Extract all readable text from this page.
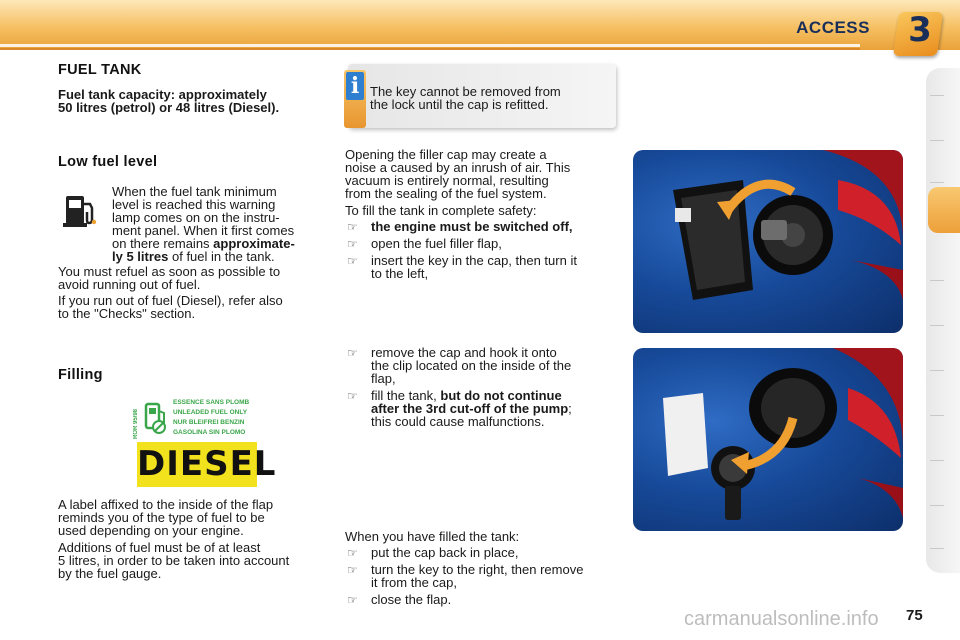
ACCESS 3
FUEL TANK
Fuel tank capacity: approximately
50 litres (petrol) or 48 litres (Diesel).
i The key cannot be removed from
the lock until the cap is refitted.
Low fuel level
When the fuel tank minimum
level is reached this warning
lamp comes on on the instru-
ment panel. When it first comes
on there remains approximate-
ly 5 litres of fuel in the tank.
You must refuel as soon as possible to
avoid running out of fuel.
If you run out of fuel (Diesel), refer also
to the "Checks" section.
Filling
ROR 95/98
ESSENCE SANS PLOMB
UNLEADED FUEL ONLY
NUR BLEIFREI BENZIN
GASOLINA SIN PLOMO
DIESEL
A label affixed to the inside of the flap
reminds you of the type of fuel to be
used depending on your engine.
Additions of fuel must be of at least
5 litres, in order to be taken into account
by the fuel gauge.
Opening the filler cap may create a
noise a caused by an inrush of air. This
vacuum is entirely normal, resulting
from the sealing of the fuel system.
To fill the tank in complete safety:
☞ the engine must be switched off,
☞ open the fuel filler flap,
☞ insert the key in the cap, then turn it
to the left,
☞ remove the cap and hook it onto
the clip located on the inside of the
flap,
☞ fill the tank, but do not continue
after the 3rd cut-off of the pump;
this could cause malfunctions.
When you have filled the tank:
☞ put the cap back in place,
☞ turn the key to the right, then remove
it from the cap,
☞ close the flap.
carmanualsonline.info 75
